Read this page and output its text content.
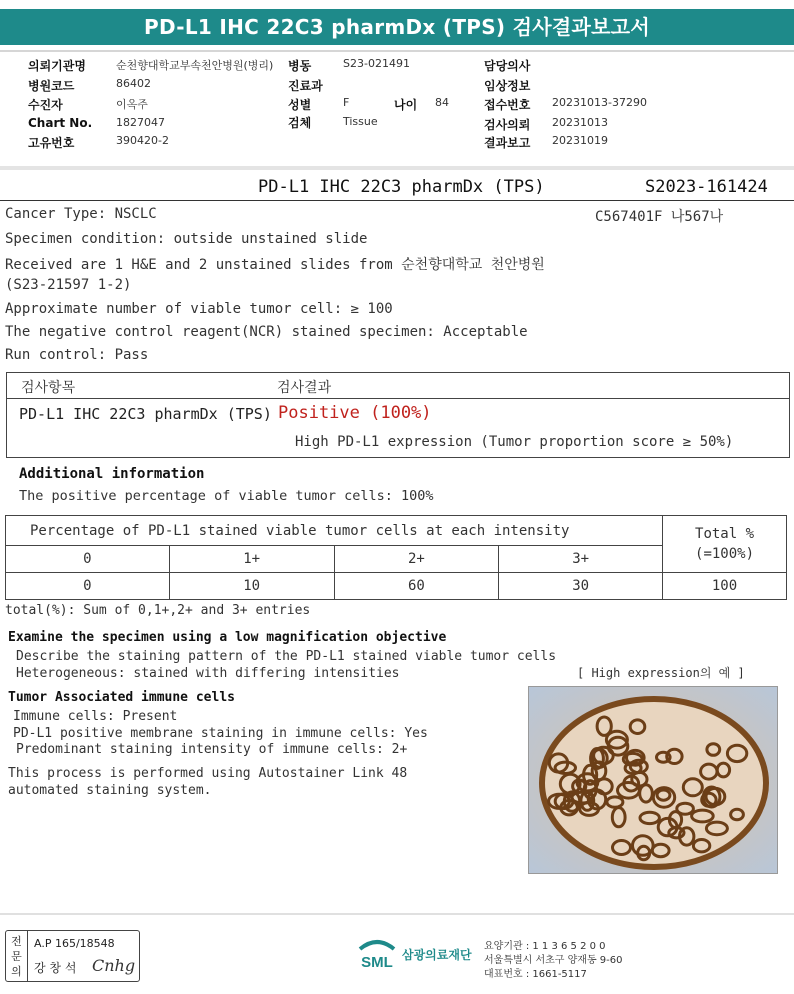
PD-L1 IHC 22C3 pharmDx (TPS) 검사결과보고서
의뢰기관명	순천향대학교부속천안병원(병리) 병동	S23-021491	담당의사
병원코드	86402	진료과	임상정보
수진자	이옥주	성별	F	나이 84	접수번호 20231013-37290
Chart No. 1827047	검체	Tissue	검사의뢰 20231013
고유번호	390420-2	결과보고 20231019
PD-L1 IHC 22C3 pharmDx (TPS)	S2023-161424
Cancer Type: NSCLC	C567401F 나567나
Specimen condition: outside unstained slide
Received are 1 H&E and 2 unstained slides from 순천향대학교 천안병원
(S23-21597 1-2)
Approximate number of viable tumor cell: ≥ 100
The negative control reagent(NCR) stained specimen: Acceptable
Run control: Pass
검사항목	검사결과
PD-L1 IHC 22C3 pharmDx (TPS) Positive (100%)
High PD-L1 expression (Tumor proportion score ≥ 50%)
Additional information
The positive percentage of viable tumor cells: 100%
Percentage of PD-L1 stained viable tumor cells at each intensity				Total %
(=100%)

0	1+	2+	3+	
0	10	60	30	100
total(%): Sum of 0,1+,2+ and 3+ entries
Examine the specimen using a low magnification objective
Describe the staining pattern of the PD-L1 stained viable tumor cells
Heterogeneous: stained with differing intensities	[ High expression의 예 ]
Tumor Associated immune cells
Immune cells: Present
PD-L1 positive membrane staining in immune cells: Yes
Predominant staining intensity of immune cells: 2+
This process is performed using Autostainer Link 48
automated staining system.
전
문
의
A.P 165/18548
강 창 석 Cnhg	SML 삼광의료재단
요양기관 : 1 1 3 6 5 2 0 0
서울특별시 서초구 양재동 9-60
대표번호 : 1661-5117
